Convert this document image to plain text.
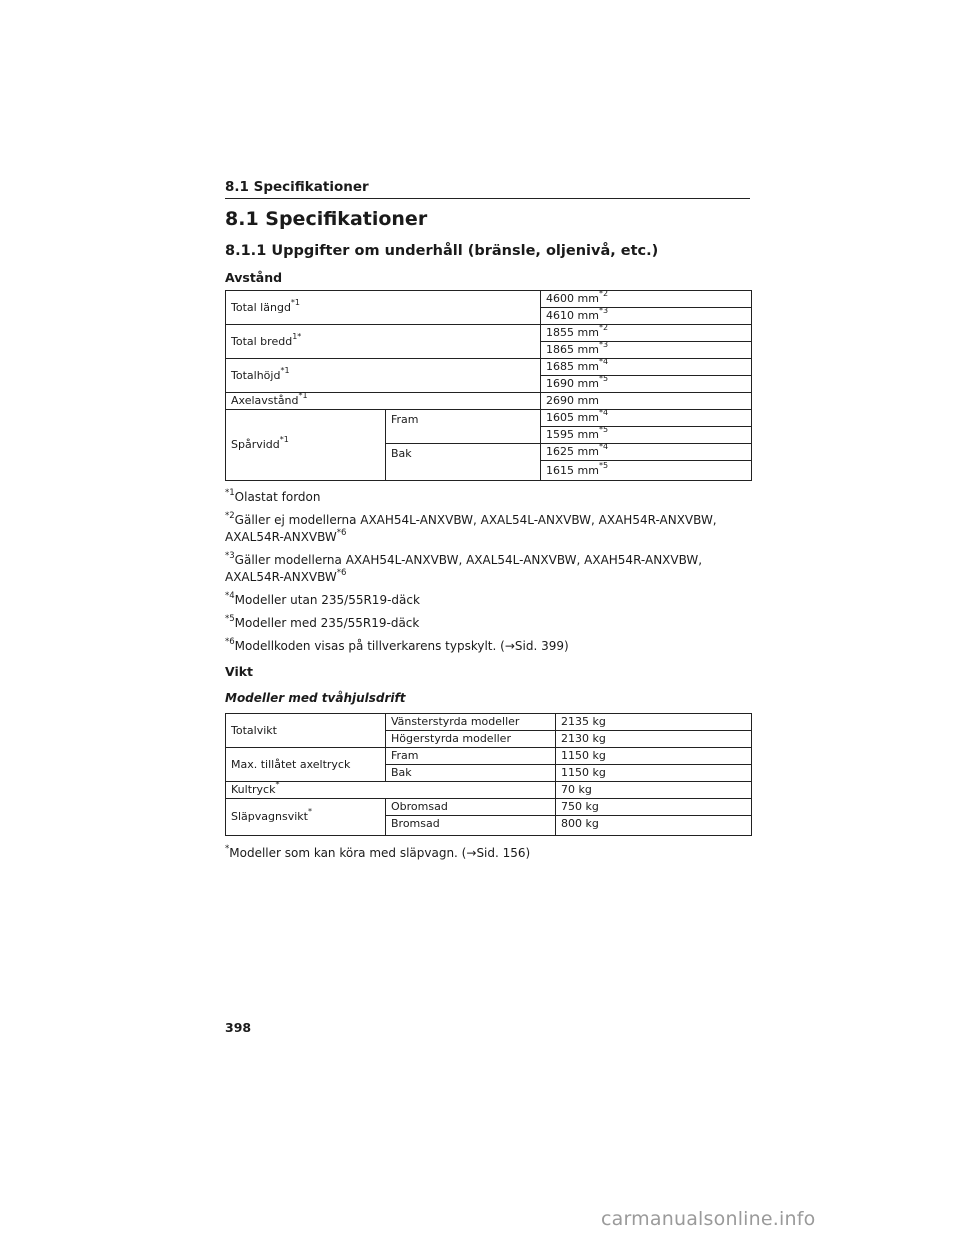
8.1 Specifikationer
8.1 Specifikationer
8.1.1 Uppgifter om underhåll (bränsle, oljenivå, etc.)
Avstånd
Total längd$^{*1}$		4600 $mm^{*2}$
		4610 $mm^{*3}$
Total bredd$^{1*}$		1855 $mm^{*2}$
		1865 $mm^{*3}$
Totalhöjd$^{*1}$		1685 $mm^{*4}$
		1690 $mm^{*5}$
Axelavstånd$^{*1}$		2690 mm
Spårvidd$^{*1}$	Fram	1605 $mm^{*4}$
		1595 $mm^{*5}$
	Bak	1625 $mm^{*4}$
		1615 $mm^{*5}$

$^{*1}$Olastat fordon

$^{*2}$Gäller ej modellerna AXAH54L-ANXVBW, AXAL54L-ANXVBW, AXAH54R-ANXVBW, AXAL54R-ANXVBW$^{*6}$

$^{*3}$Gäller modellerna AXAH54L-ANXVBW, AXAL54L-ANXVBW, AXAH54R-ANXVBW, AXAL54R-ANXVBW$^{*6}$

$^{*4}$Modeller utan 235/55R19-däck

$^{*5}$Modeller med 235/55R19-däck

$^{*6}$Modellkoden visas på tillverkarens typskylt. (→Sid. 399)

Vikt
Modeller med tvåhjulsdrift
Totalvikt	Vänsterstyrda modeller	2135 kg
	Högerstyrda modeller	2130 kg
Max. tillåtet axeltryck	Fram	1150 kg
	Bak	1150 kg
Kultryck*		70 kg
Släpvagnsvikt*	Obromsad	750 kg
	Bromsad	800 kg

*Modeller som kan köra med släpvagn. (→Sid. 156)

398
carmanualsonline.info
